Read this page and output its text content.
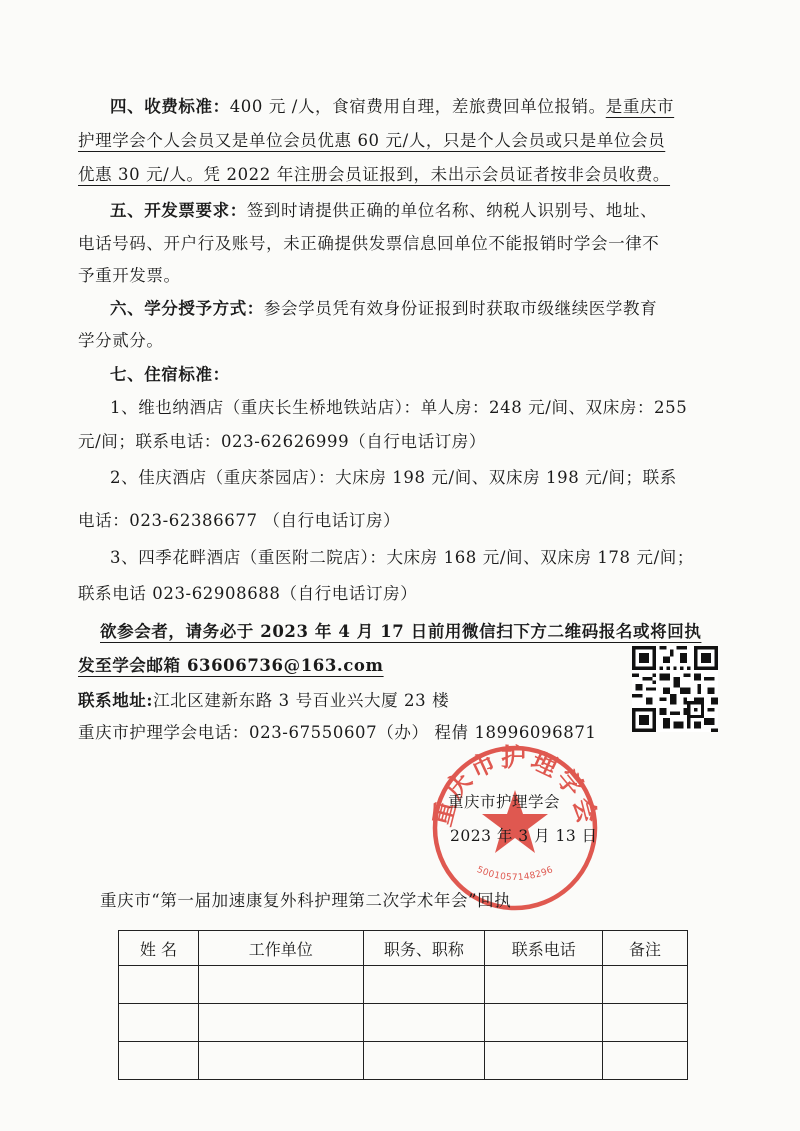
四、收费标准：400 元 /人，食宿费用自理，差旅费回单位报销。是重庆市
护理学会个人会员又是单位会员优惠 60 元/人，只是个人会员或只是单位会员
优惠 30 元/人。凭 2022 年注册会员证报到，未出示会员证者按非会员收费。
五、开发票要求：签到时请提供正确的单位名称、纳税人识别号、地址、
电话号码、开户行及账号，未正确提供发票信息回单位不能报销时学会一律不
予重开发票。
六、学分授予方式：参会学员凭有效身份证报到时获取市级继续医学教育
学分贰分。
七、住宿标准：
1、维也纳酒店（重庆长生桥地铁站店）：单人房：248 元/间、双床房：255
元/间；联系电话：023-62626999（自行电话订房）
2、佳庆酒店（重庆茶园店）：大床房 198 元/间、双床房 198 元/间；联系
电话：023-62386677 （自行电话订房）
3、四季花畔酒店（重医附二院店）：大床房 168 元/间、双床房 178 元/间；
联系电话 023-62908688（自行电话订房）
欲参会者，请务必于 2023 年 4 月 17 日前用微信扫下方二维码报名或将回执
发至学会邮箱 63606736@163.com
联系地址:江北区建新东路 3 号百业兴大厦 23 楼
重庆市护理学会电话：023-67550607（办） 程倩 18996096871
重庆市护理学会
5001057148296
重庆市护理学会
2023 年 3 月 13 日
重庆市“第一届加速康复外科护理第二次学术年会”回执
姓 名	工作单位	职务、职称	联系电话	备注
